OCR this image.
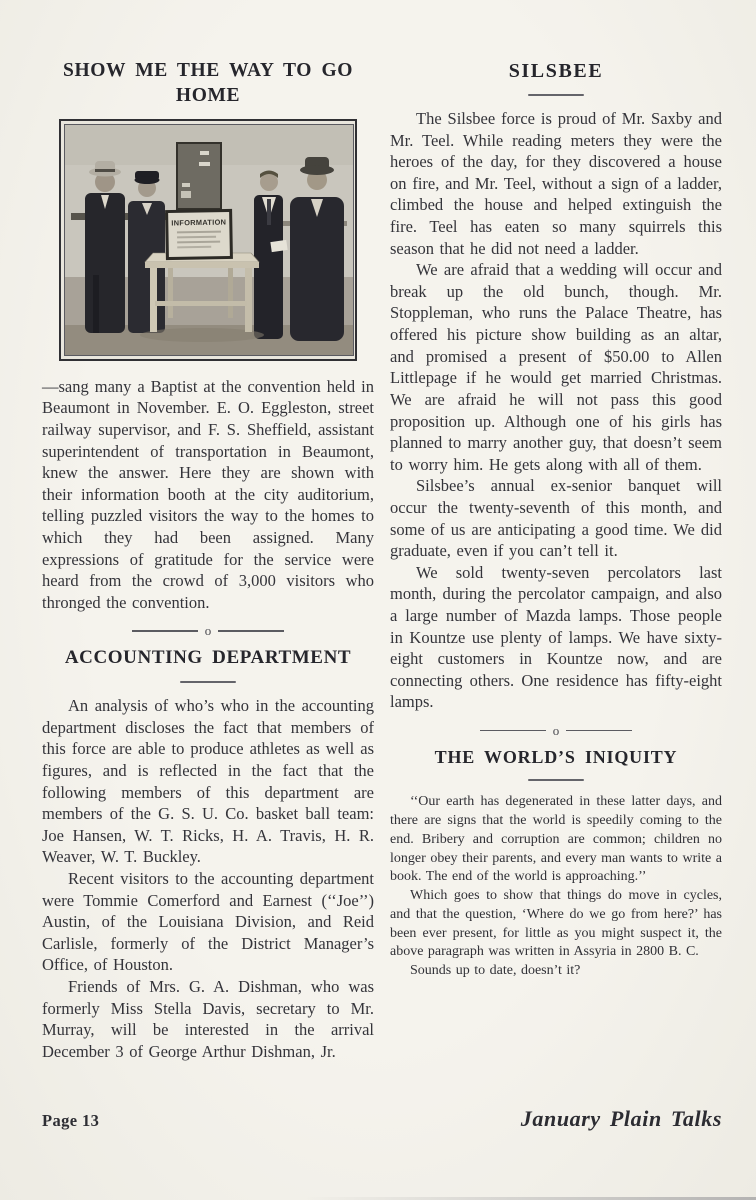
SHOW ME THE WAY TO GO HOME
INFORMATION

—sang many a Baptist at the convention held in Beaumont in November. E. O. Eggleston, street railway supervisor, and F. S. Sheffield, assistant superintendent of transportation in Beaumont, knew the answer. Here they are shown with their information booth at the city auditorium, telling puzzled visitors the way to the homes to which they had been assigned. Many expressions of gratitude for the service were heard from the crowd of 3,000 visitors who thronged the convention.

o
ACCOUNTING DEPARTMENT

An analysis of who’s who in the accounting department discloses the fact that members of this force are able to produce athletes as well as figures, and is reflected in the fact that the following members of this department are members of the G. S. U. Co. basket ball team: Joe Hansen, W. T. Ricks, H. A. Travis, H. R. Weaver, W. T. Buckley.

Recent visitors to the accounting department were Tommie Comerford and Earnest (‘‘Joe’’) Austin, of the Louisiana Division, and Reid Carlisle, formerly of the District Manager’s Office, of Houston.

Friends of Mrs. G. A. Dishman, who was formerly Miss Stella Davis, secretary to Mr. Murray, will be interested in the arrival December 3 of George Arthur Dishman, Jr.

SILSBEE

The Silsbee force is proud of Mr. Saxby and Mr. Teel. While reading meters they were the heroes of the day, for they discovered a house on fire, and Mr. Teel, without a sign of a ladder, climbed the house and helped extinguish the fire. Teel has eaten so many squirrels this season that he did not need a ladder.

We are afraid that a wedding will occur and break up the old bunch, though. Mr. Stoppleman, who runs the Palace Theatre, has offered his picture show building as an altar, and promised a present of $50.00 to Allen Littlepage if he would get married Christmas. We are afraid he will not pass this good proposition up. Although one of his girls has planned to marry another guy, that doesn’t seem to worry him. He gets along with all of them.

Silsbee’s annual ex-senior banquet will occur the twenty-seventh of this month, and some of us are anticipating a good time. We did graduate, even if you can’t tell it.

We sold twenty-seven percolators last month, during the percolator campaign, and also a large number of Mazda lamps. Those people in Kountze use plenty of lamps. We have sixty-eight customers in Kountze now, and are connecting others. One residence has fifty-eight lamps.

o
THE WORLD’S INIQUITY

‘‘Our earth has degenerated in these latter days, and there are signs that the world is speedily coming to the end. Bribery and corruption are common; children no longer obey their parents, and every man wants to write a book. The end of the world is approaching.’’

Which goes to show that things do move in cycles, and that the question, ‘Where do we go from here?’ has been ever present, for little as you might suspect it, the above paragraph was written in Assyria in 2800 B. C.

Sounds up to date, doesn’t it?

Page 13	January Plain Talks
